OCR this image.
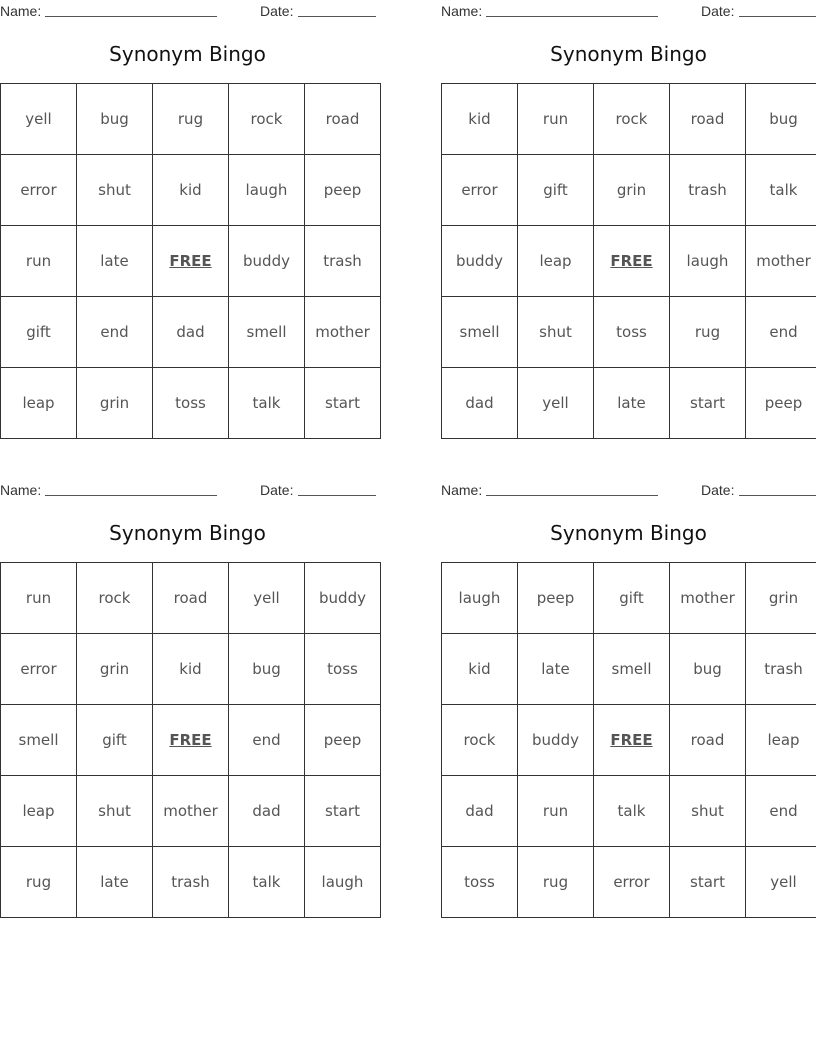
Name:	Date:
Synonym Bingo
yell	bug	rug	rock	road
error	shut	kid	laugh	peep
run	late	FREE	buddy	trash
gift	end	dad	smell	mother
leap	grin	toss	talk	start
Name:	Date:
Synonym Bingo
kid	run	rock	road	bug
error	gift	grin	trash	talk
buddy	leap	FREE	laugh	mother
smell	shut	toss	rug	end
dad	yell	late	start	peep
Name:	Date:
Synonym Bingo
run	rock	road	yell	buddy
error	grin	kid	bug	toss
smell	gift	FREE	end	peep
leap	shut	mother	dad	start
rug	late	trash	talk	laugh
Name:	Date:
Synonym Bingo
laugh	peep	gift	mother	grin
kid	late	smell	bug	trash
rock	buddy	FREE	road	leap
dad	run	talk	shut	end
toss	rug	error	start	yell
